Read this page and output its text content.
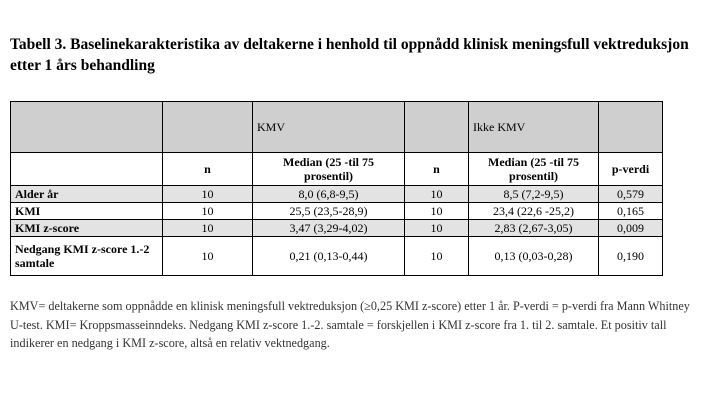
Tabell 3. Baselinekarakteristika av deltakerne i henhold til oppnådd klinisk meningsfull vektreduksjon etter 1 års behandling
		KMV		Ikke KMV	
	n	Median (25 -til 75 prosentil)	n	Median (25 -til 75 prosentil)	p-verdi
Alder år	10	8,0 (6,8-9,5)	10	8,5 (7,2-9,5)	0,579
KMI	10	25,5 (23,5-28,9)	10	23,4 (22,6 -25,2)	0,165
KMI z-score	10	3,47 (3,29-4,02)	10	2,83 (2,67-3,05)	0,009
Nedgang KMI z-score 1.-2 samtale	10	0,21 (0,13-0,44)	10	0,13 (0,03-0,28)	0,190
KMV= deltakerne som oppnådde en klinisk meningsfull vektreduksjon (≥0,25 KMI z-score) etter 1 år. P-verdi = p-verdi fra Mann Whitney U-test. KMI= Kroppsmasseinndeks. Nedgang KMI z-score 1.-2. samtale = forskjellen i KMI z-score fra 1. til 2. samtale. Et positiv tall indikerer en nedgang i KMI z-score, altså en relativ vektnedgang.
